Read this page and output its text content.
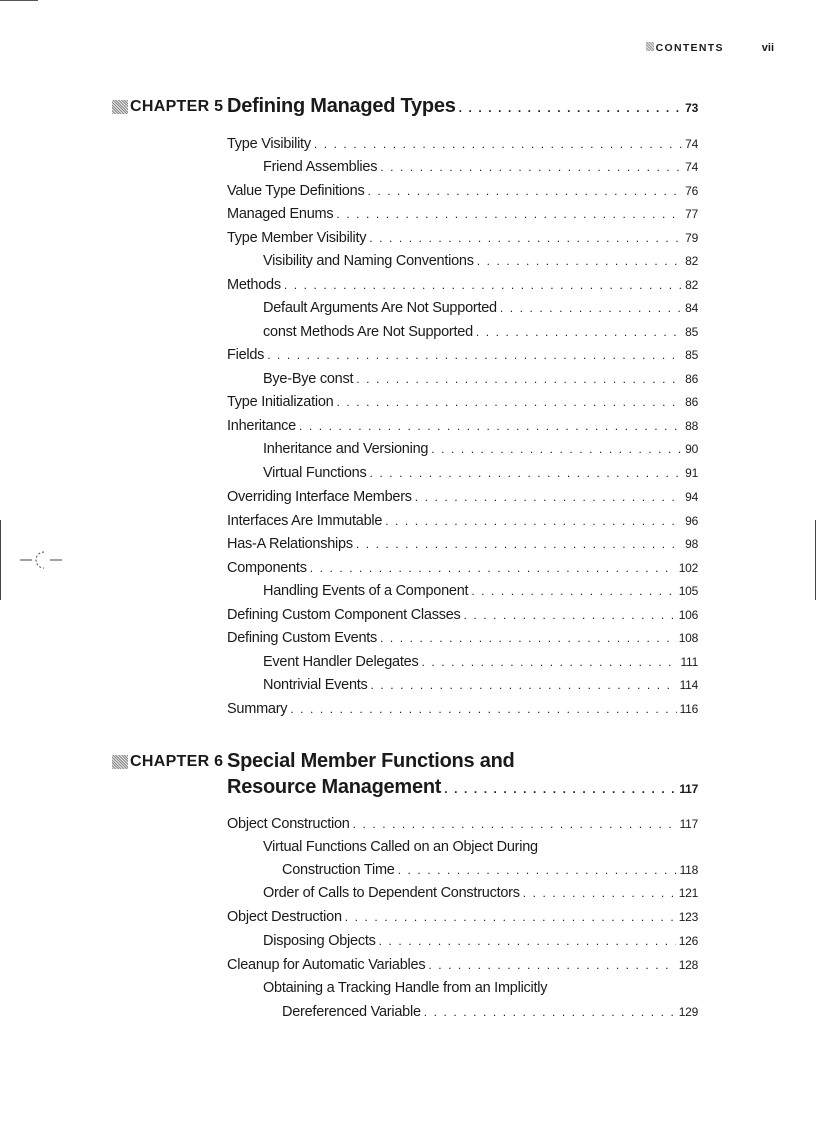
CONTENTS	vii
CHAPTER 5 Defining Managed Types . . .	73
Type Visibility . . .	74
Friend Assemblies . . .	74
Value Type Definitions . . .	76
Managed Enums . . .	77
Type Member Visibility . . .	79
Visibility and Naming Conventions . . .	82
Methods . . .	82
Default Arguments Are Not Supported . . .	84
const Methods Are Not Supported . . .	85
Fields . . .	85
Bye-Bye const . . .	86
Type Initialization . . .	86
Inheritance . . .	88
Inheritance and Versioning . . .	90
Virtual Functions . . .	91
Overriding Interface Members . . .	94
Interfaces Are Immutable . . .	96
Has-A Relationships . . .	98
Components . . .	102
Handling Events of a Component . . .	105
Defining Custom Component Classes . . .	106
Defining Custom Events . . .	108
Event Handler Delegates . . .	111
Nontrivial Events . . .	114
Summary . . .	116
CHAPTER 6 Special Member Functions and
Resource Management . . .	117
Object Construction . . .	117
Virtual Functions Called on an Object During
Construction Time . . .	118
Order of Calls to Dependent Constructors . . .	121
Object Destruction . . .	123
Disposing Objects . . .	126
Cleanup for Automatic Variables . . .	128
Obtaining a Tracking Handle from an Implicitly
Dereferenced Variable . . .	129
